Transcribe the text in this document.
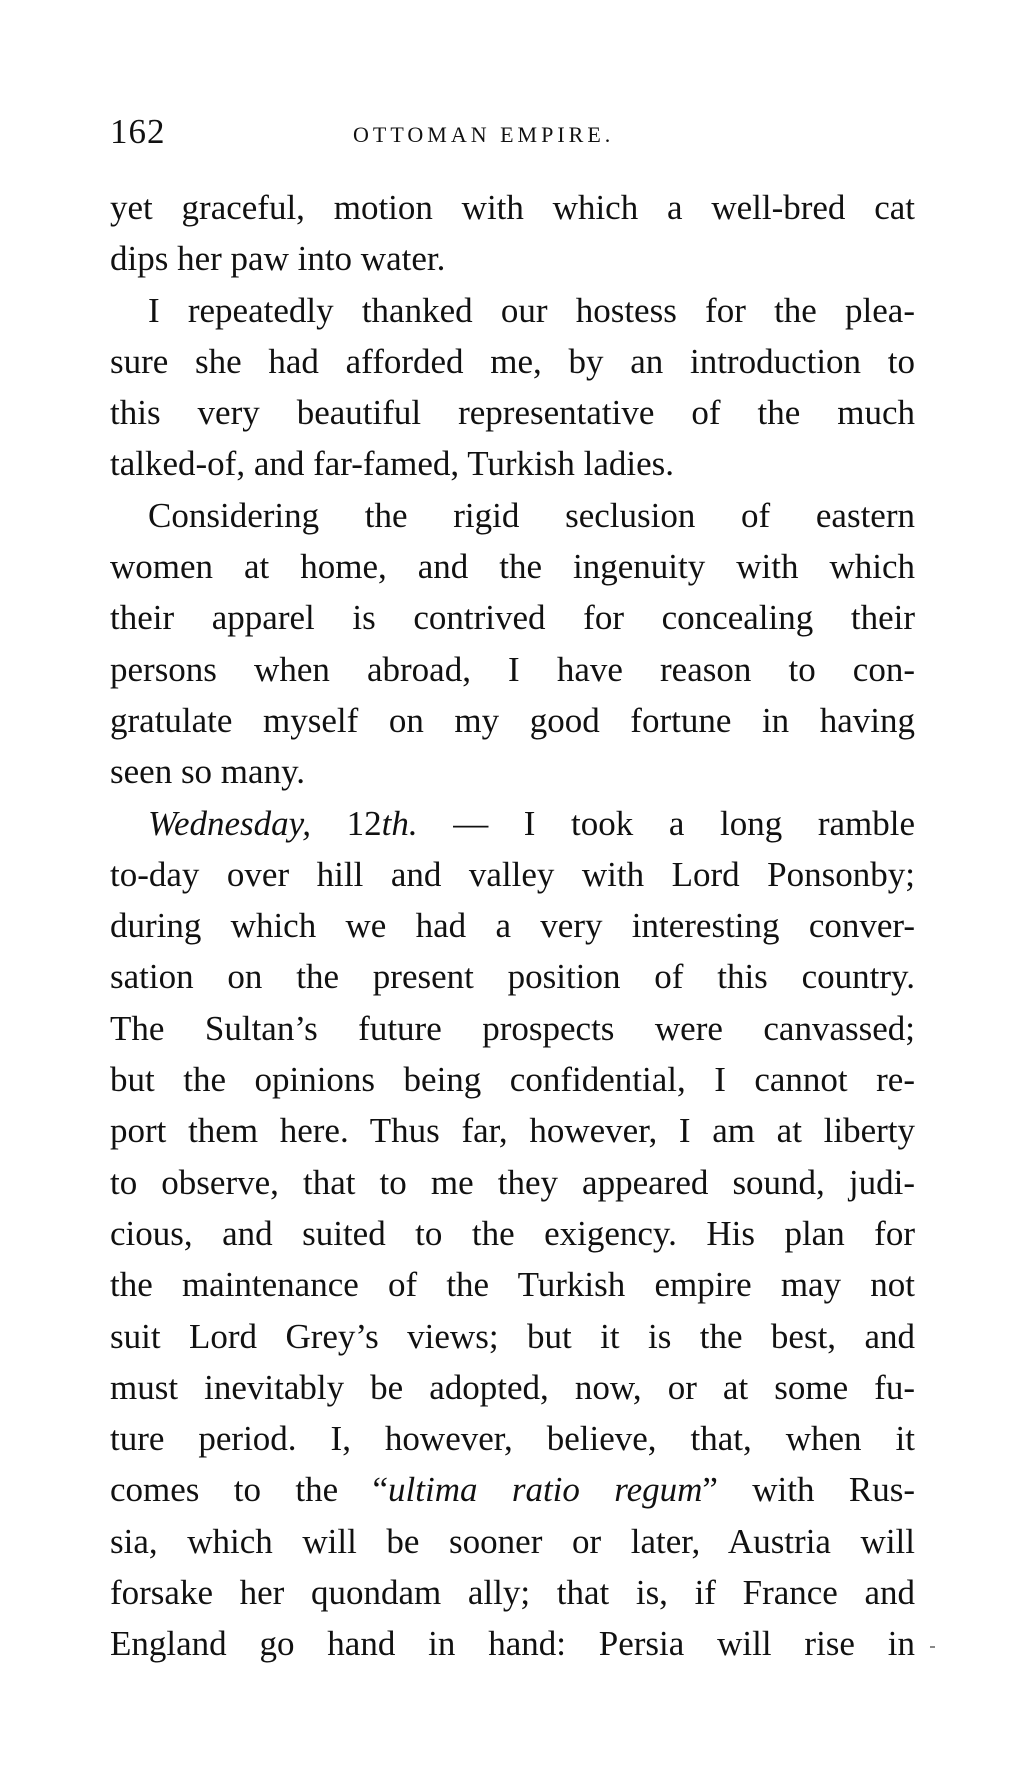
162	OTTOMAN EMPIRE.

yet graceful, motion with which a well-bred cat
dips her paw into water.

I repeatedly thanked our hostess for the plea-
sure she had afforded me, by an introduction to
this very beautiful representative of the much
talked-of, and far-famed, Turkish ladies.

Considering the rigid seclusion of eastern
women at home, and the ingenuity with which
their apparel is contrived for concealing their
persons when abroad, I have reason to con-
gratulate myself on my good fortune in having
seen so many.

Wednesday, 12th. — I took a long ramble
to-day over hill and valley with Lord Ponsonby;
during which we had a very interesting conver-
sation on the present position of this country.
The Sultan’s future prospects were canvassed;
but the opinions being confidential, I cannot re-
port them here. Thus far, however, I am at liberty
to observe, that to me they appeared sound, judi-
cious, and suited to the exigency. His plan for
the maintenance of the Turkish empire may not
suit Lord Grey’s views; but it is the best, and
must inevitably be adopted, now, or at some fu-
ture period. I, however, believe, that, when it
comes to the “ultima ratio regum” with Rus-
sia, which will be sooner or later, Austria will
forsake her quondam ally; that is, if France and
England go hand in hand: Persia will rise in
